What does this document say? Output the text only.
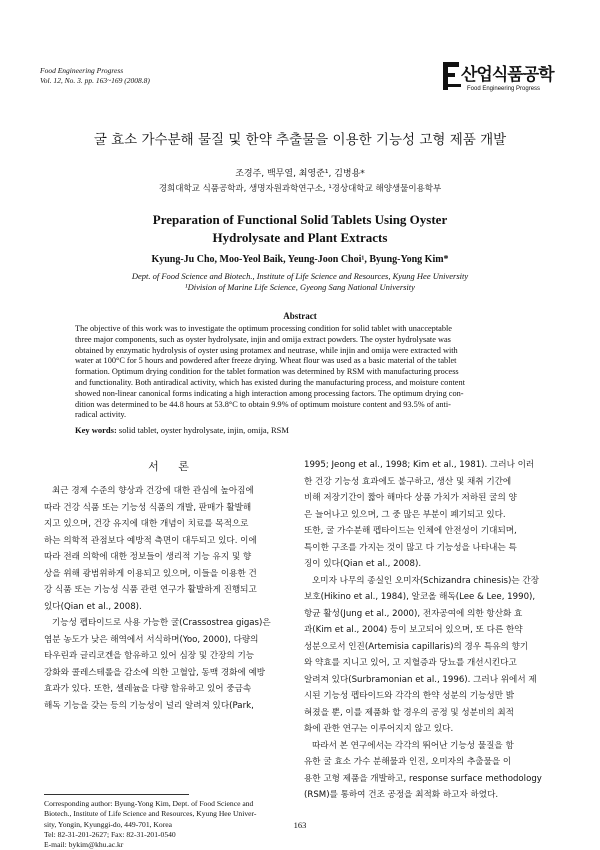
Food Engineering Progress
Vol. 12, No. 3. pp. 163~169 (2008.8)	산업식품공학
Food Engineering Progress
굴 효소 가수분해 물질 및 한약 추출물을 이용한 기능성 고형 제품 개발
조경주, 백무열, 최영준¹, 김병용*
경희대학교 식품공학과, 생명자원과학연구소, ¹경상대학교 해양생물이용학부
Preparation of Functional Solid Tablets Using Oyster
Hydrolysate and Plant Extracts
Kyung-Ju Cho, Moo-Yeol Baik, Yeung-Joon Choi¹, Byung-Yong Kim*
Dept. of Food Science and Biotech., Institute of Life Science and Resources, Kyung Hee University
¹Division of Marine Life Science, Gyeong Sang National University
Abstract
The objective of this work was to investigate the optimum processing condition for solid tablet with unacceptable
three major components, such as oyster hydrolysate, injin and omija extract powders. The oyster hydrolysate was
obtained by enzymatic hydrolysis of oyster using protamex and neutrase, while injin and omija were extracted with
water at 100°C for 5 hours and powdered after freeze drying. Wheat flour was used as a basic material of the tablet
formation. Optimum drying condition for the tablet formation was determined by RSM with manufacturing process
and functionality. Both antiradical activity, which has existed during the manufacturing process, and moisture content
showed non-linear canonical forms indicating a high interaction among processing factors. The optimum drying con-
dition was determined to be 44.8 hours at 53.8°C to obtain 9.9% of optimum moisture content and 93.5% of anti-
radical activity.
Key words: solid tablet, oyster hydrolysate, injin, omija, RSM
서 론
최근 경제 수준의 향상과 건강에 대한 관심에 높아짐에
따라 건강 식품 또는 기능성 식품의 개발, 판매가 활발해
지고 있으며, 건강 유지에 대한 개념이 치료를 목적으로
하는 의학적 관점보다 예방적 측면이 대두되고 있다. 이에
따라 전래 의학에 대한 정보들이 생리적 기능 유지 및 향
상을 위해 광범위하게 이용되고 있으며, 이들을 이용한 건
강 식품 또는 기능성 식품 관련 연구가 활발하게 진행되고
있다(Qian et al., 2008).
기능성 펩타이드로 사용 가능한 굴(Crassostrea gigas)은
염분 농도가 낮은 해역에서 서식하며(Yoo, 2000), 다량의
타우린과 글리코겐을 함유하고 있어 심장 및 간장의 기능
강화와 콜레스테롤을 감소에 의한 고혈압, 동맥 경화에 예방
효과가 있다. 또한, 셀레늄을 다량 함유하고 있어 중금속
해독 기능을 갖는 등의 기능성이 널리 알려져 있다(Park,
1995; Jeong et al., 1998; Kim et al., 1981). 그러나 이러
한 건강 기능성 효과에도 불구하고, 생산 및 채취 기간에
비해 저장기간이 짧아 해마다 상품 가치가 저하된 굴의 양
은 늘어나고 있으며, 그 중 많은 부분이 폐기되고 있다.
또한, 굴 가수분해 펩타이드는 인체에 안전성이 기대되며,
특이한 구조를 가지는 것이 많고 다 기능성을 나타내는 특
징이 있다(Qian et al., 2008).
오미자 나무의 종실인 오미자(Schizandra chinesis)는 간장
보호(Hikino et al., 1984), 알코올 해독(Lee & Lee, 1990),
항균 활성(Jung et al., 2000), 전자공여에 의한 항산화 효
과(Kim et al., 2004) 등이 보고되어 있으며, 또 다른 한약
성분으로서 인진(Artemisia capillaris)의 경우 특유의 향기
와 약효를 지니고 있어, 고 지혈증과 당뇨를 개선시킨다고
알려져 있다(Surbramonian et al., 1996). 그러나 위에서 제
시된 기능성 펩타이드와 각각의 한약 성분의 기능성만 밝
혀졌을 뿐, 이를 제품화 할 경우의 공정 및 성분비의 최적
화에 관한 연구는 이루어지지 않고 있다.
따라서 본 연구에서는 각각의 뛰어난 기능성 물질을 함
유한 굴 효소 가수 분해물과 인진, 오미자의 추출물을 이
용한 고형 제품을 개발하고, response surface methodology
(RSM)를 통하여 건조 공정을 최적화 하고자 하였다.
Corresponding author: Byung-Yong Kim, Dept. of Food Science and
Biotech., Institute of Life Science and Resources, Kyung Hee Univer-
sity, Yongin, Kyunggi-do, 449-701, Korea
Tel: 82-31-201-2627; Fax: 82-31-201-0540
E-mail: bykim@khu.ac.kr
163
